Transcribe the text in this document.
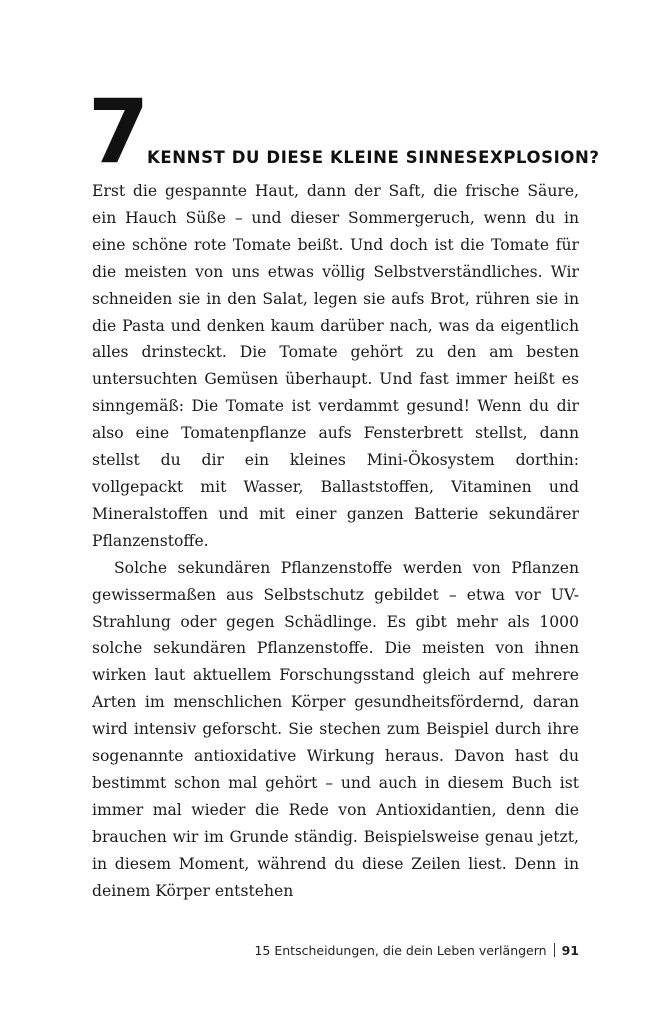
7 KENNST DU DIESE KLEINE SINNESEXPLOSION?

Erst die gespannte Haut, dann der Saft, die frische Säure, ein Hauch Süße – und dieser Sommergeruch, wenn du in eine schöne rote Tomate beißt. Und doch ist die Tomate für die meisten von uns etwas völlig Selbstverständliches. Wir schneiden sie in den Salat, legen sie aufs Brot, rühren sie in die Pasta und denken kaum darüber nach, was da eigentlich alles drinsteckt. Die Tomate gehört zu den am besten untersuchten Gemüsen überhaupt. Und fast immer heißt es sinngemäß: Die Tomate ist verdammt gesund! Wenn du dir also eine Tomatenpflanze aufs Fensterbrett stellst, dann stellst du dir ein kleines Mini-Ökosystem dorthin: vollgepackt mit Wasser, Ballaststoffen, Vitaminen und Mineralstoffen und mit einer ganzen Batterie sekundärer Pflanzenstoffe.

Solche sekundären Pflanzenstoffe werden von Pflanzen gewissermaßen aus Selbstschutz gebildet – etwa vor UV-Strahlung oder gegen Schädlinge. Es gibt mehr als 1000 solche sekundären Pflanzenstoffe. Die meisten von ihnen wirken laut aktuellem Forschungsstand gleich auf mehrere Arten im menschlichen Körper gesundheitsfördernd, daran wird intensiv geforscht. Sie stechen zum Beispiel durch ihre sogenannte antioxidative Wirkung heraus. Davon hast du bestimmt schon mal gehört – und auch in diesem Buch ist immer mal wieder die Rede von Antioxidantien, denn die brauchen wir im Grunde ständig. Beispielsweise genau jetzt, in diesem Moment, während du diese Zeilen liest. Denn in deinem Körper entstehen

15 Entscheidungen, die dein Leben verlängern 91
